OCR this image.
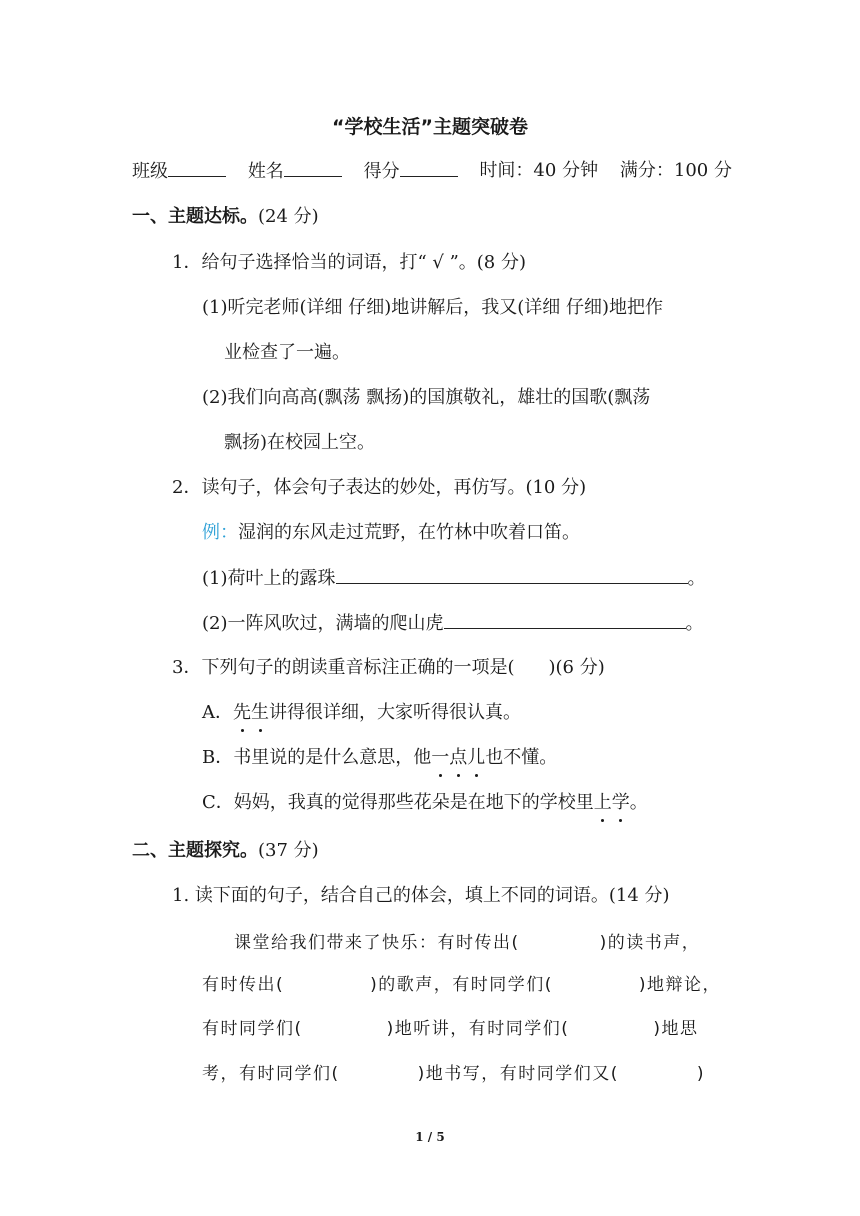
“学校生活”主题突破卷
班级	姓名	得分	时间：40 分钟 满分：100 分
一、主题达标。(24 分)
1．给句子选择恰当的词语，打“ √ ”。(8 分)
(1)听完老师(详细 仔细)地讲解后，我又(详细 仔细)地把作
业检查了一遍。
(2)我们向高高(飘荡 飘扬)的国旗敬礼，雄壮的国歌(飘荡
飘扬)在校园上空。
2．读句子，体会句子表达的妙处，再仿写。(10 分)
例：湿润的东风走过荒野，在竹林中吹着口笛。
(1)荷叶上的露珠	。
(2)一阵风吹过，满墙的爬山虎	。
3．下列句子的朗读重音标注正确的一项是( )(6 分)
A．先生讲得很详细，大家听得很认真。
B．书里说的是什么意思，他一点儿也不懂。
C．妈妈，我真的觉得那些花朵是在地下的学校里上学。
二、主题探究。(37 分)
1. 读下面的句子，结合自己的体会，填上不同的词语。(14 分)
课堂给我们带来了快乐：有时传出(	)的读书声，
有时传出(	)的歌声，有时同学们(	)地辩论，
有时同学们(	)地听讲，有时同学们(	)地思
考，有时同学们(	)地书写，有时同学们又(	)
1 / 5
